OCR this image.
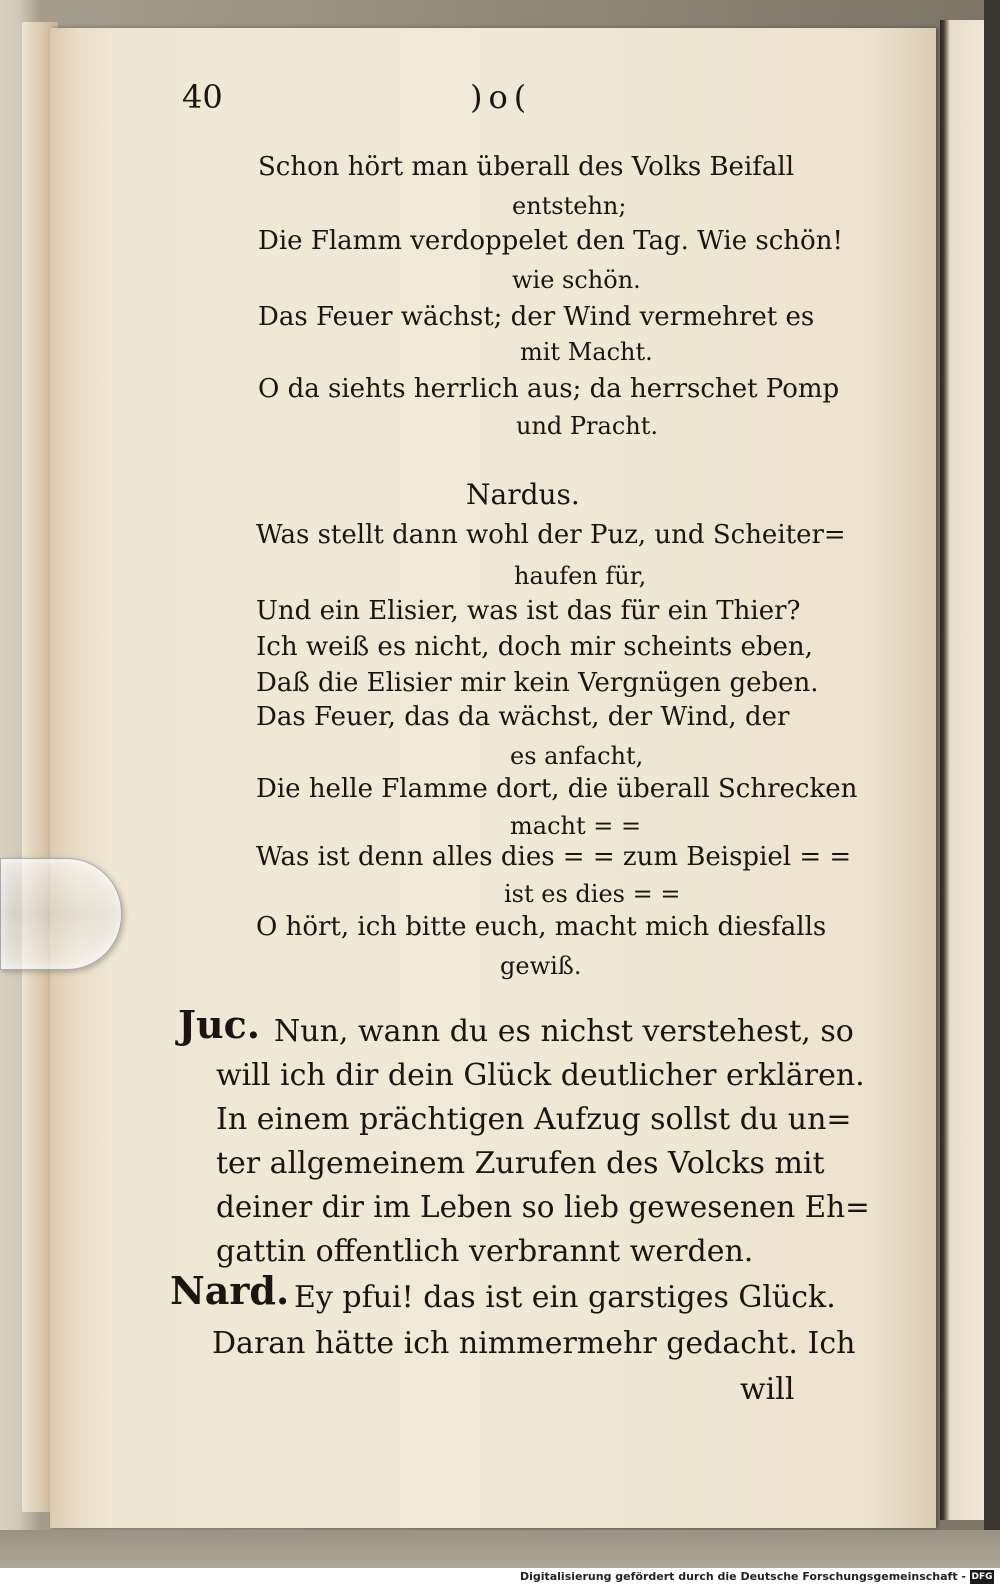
40	)o(
Schon hört man überall des Volks Beifall
entstehn;
Die Flamm verdoppelet den Tag. Wie schön!
wie schön.
Das Feuer wächst; der Wind vermehret es
mit Macht.
O da siehts herrlich aus; da herrschet Pomp
und Pracht.
Nardus.
Was stellt dann wohl der Puz, und Scheiter=
haufen für,
Und ein Elisier, was ist das für ein Thier?
Ich weiß es nicht, doch mir scheints eben,
Daß die Elisier mir kein Vergnügen geben.
Das Feuer, das da wächst, der Wind, der
es anfacht,
Die helle Flamme dort, die überall Schrecken
macht = =
Was ist denn alles dies = = zum Beispiel = =
ist es dies = =
O hört, ich bitte euch, macht mich diesfalls
gewiß.
Juc. Nun, wann du es nichst verstehest, so
will ich dir dein Glück deutlicher erklären.
In einem prächtigen Aufzug sollst du un=
ter allgemeinem Zurufen des Volcks mit
deiner dir im Leben so lieb gewesenen Eh=
gattin offentlich verbrannt werden.
Nard. Ey pfui! das ist ein garstiges Glück.
Daran hätte ich nimmermehr gedacht. Ich
will
Digitalisierung gefördert durch die Deutsche Forschungsgemeinschaft - DFG
